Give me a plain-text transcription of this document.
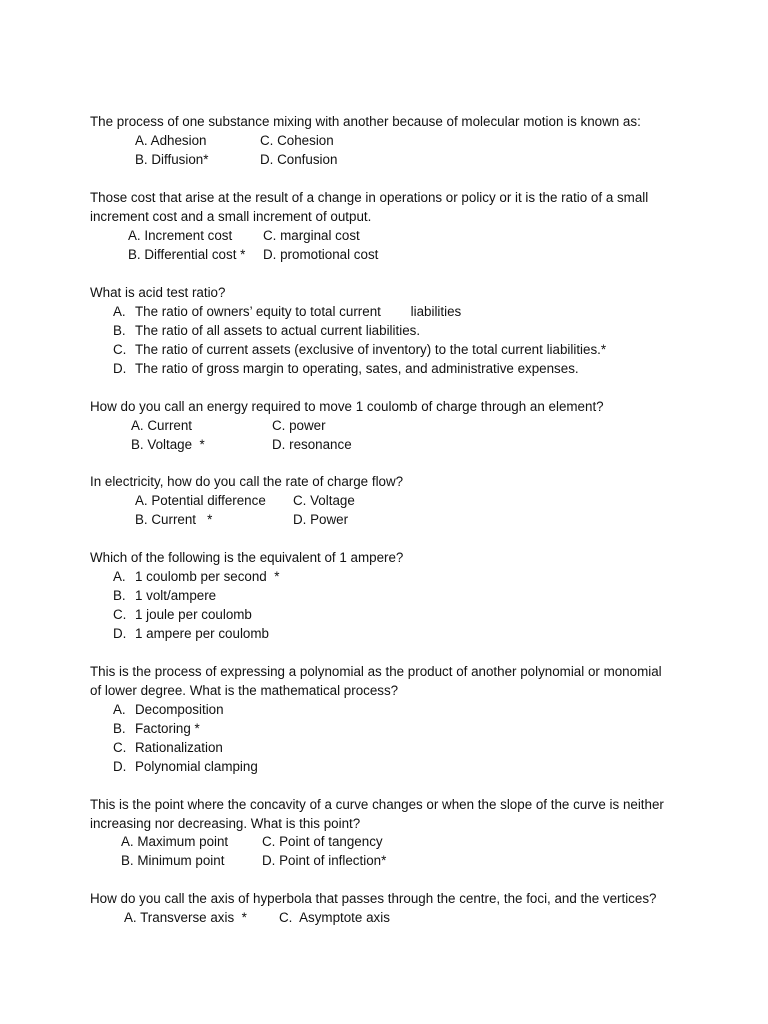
The process of one substance mixing with another because of molecular motion is known as:
A. Adhesion	C. Cohesion
B. Diffusion*	D. Confusion
Those cost that arise at the result of a change in operations or policy or it is the ratio of a small
increment cost and a small increment of output.
A. Increment cost C. marginal cost
B. Differential cost * D. promotional cost
What is acid test ratio?
A. The ratio of owners’ equity to total current        liabilities
B. The ratio of all assets to actual current liabilities.
C. The ratio of current assets (exclusive of inventory) to the total current liabilities.*
D. The ratio of gross margin to operating, sates, and administrative expenses.
How do you call an energy required to move 1 coulomb of charge through an element?
A. Current	C. power
B. Voltage  *	D. resonance
In electricity, how do you call the rate of charge flow?
A. Potential difference C. Voltage
B. Current   *	D. Power
Which of the following is the equivalent of 1 ampere?
A. 1 coulomb per second  *
B. 1 volt/ampere
C. 1 joule per coulomb
D. 1 ampere per coulomb
This is the process of expressing a polynomial as the product of another polynomial or monomial
of lower degree. What is the mathematical process?
A. Decomposition
B. Factoring *
C. Rationalization
D. Polynomial clamping
This is the point where the concavity of a curve changes or when the slope of the curve is neither
increasing nor decreasing. What is this point?
A. Maximum point	C. Point of tangency
B. Minimum point	D. Point of inflection*
How do you call the axis of hyperbola that passes through the centre, the foci, and the vertices?
A. Transverse axis  * C.  Asymptote axis
